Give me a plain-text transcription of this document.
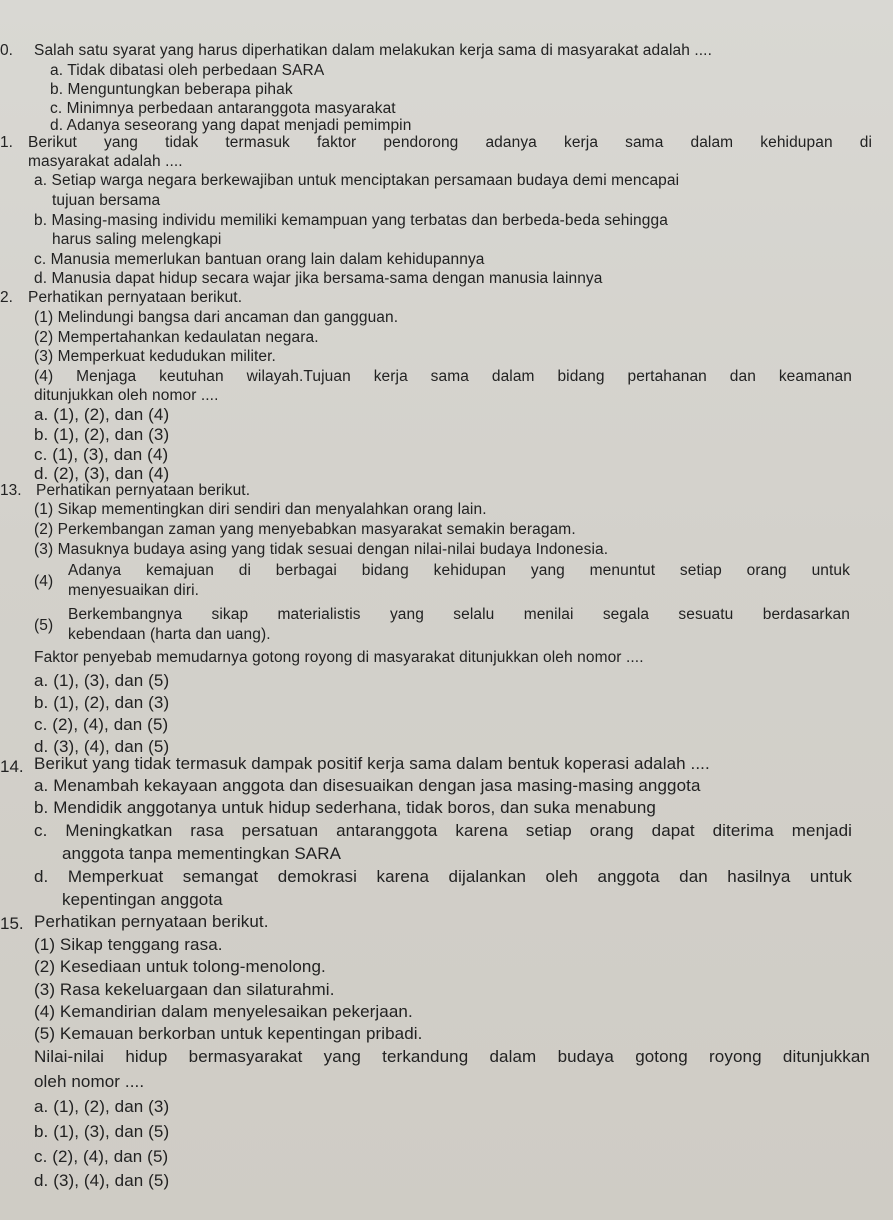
0. Salah satu syarat yang harus diperhatikan dalam melakukan kerja sama di masyarakat adalah ....
a. Tidak dibatasi oleh perbedaan SARA
b. Menguntungkan beberapa pihak
c. Minimnya perbedaan antaranggota masyarakat
d. Adanya seseorang yang dapat menjadi pemimpin
1. Berikut yang tidak termasuk faktor pendorong adanya kerja sama dalam kehidupan di
masyarakat adalah ....
a. Setiap warga negara berkewajiban untuk menciptakan persamaan budaya demi mencapai
tujuan bersama
b. Masing-masing individu memiliki kemampuan yang terbatas dan berbeda-beda sehingga
harus saling melengkapi
c. Manusia memerlukan bantuan orang lain dalam kehidupannya
d. Manusia dapat hidup secara wajar jika bersama-sama dengan manusia lainnya
2. Perhatikan pernyataan berikut.
(1) Melindungi bangsa dari ancaman dan gangguan.
(2) Mempertahankan kedaulatan negara.
(3) Memperkuat kedudukan militer.
(4) Menjaga keutuhan wilayah.Tujuan kerja sama dalam bidang pertahanan dan keamanan
ditunjukkan oleh nomor ....
a. (1), (2), dan (4)
b. (1), (2), dan (3)
c. (1), (3), dan (4)
d. (2), (3), dan (4)
13. Perhatikan pernyataan berikut.
(1) Sikap mementingkan diri sendiri dan menyalahkan orang lain.
(2) Perkembangan zaman yang menyebabkan masyarakat semakin beragam.
(3) Masuknya budaya asing yang tidak sesuai dengan nilai-nilai budaya Indonesia.
(4)
Adanya kemajuan di berbagai bidang kehidupan yang menuntut setiap orang untuk
menyesuaikan diri.
(5)
Berkembangnya sikap materialistis yang selalu menilai segala sesuatu berdasarkan
kebendaan (harta dan uang).
Faktor penyebab memudarnya gotong royong di masyarakat ditunjukkan oleh nomor ....
a. (1), (3), dan (5)
b. (1), (2), dan (3)
c. (2), (4), dan (5)
d. (3), (4), dan (5)
14. Berikut yang tidak termasuk dampak positif kerja sama dalam bentuk koperasi adalah ....
a. Menambah kekayaan anggota dan disesuaikan dengan jasa masing-masing anggota
b. Mendidik anggotanya untuk hidup sederhana, tidak boros, dan suka menabung
c. Meningkatkan rasa persatuan antaranggota karena setiap orang dapat diterima menjadi
anggota tanpa mementingkan SARA
d. Memperkuat semangat demokrasi karena dijalankan oleh anggota dan hasilnya untuk
kepentingan anggota
15. Perhatikan pernyataan berikut.
(1) Sikap tenggang rasa.
(2) Kesediaan untuk tolong-menolong.
(3) Rasa kekeluargaan dan silaturahmi.
(4) Kemandirian dalam menyelesaikan pekerjaan.
(5) Kemauan berkorban untuk kepentingan pribadi.
Nilai-nilai hidup bermasyarakat yang terkandung dalam budaya gotong royong ditunjukkan
oleh nomor ....
a. (1), (2), dan (3)
b. (1), (3), dan (5)
c. (2), (4), dan (5)
d. (3), (4), dan (5)
